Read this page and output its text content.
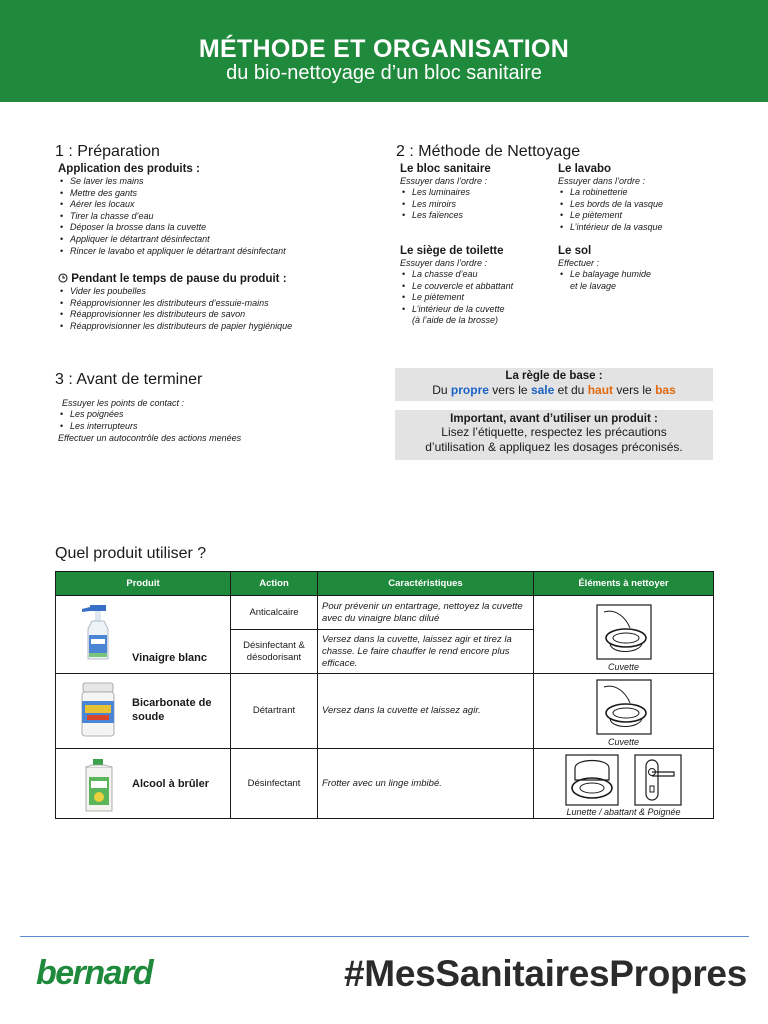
MÉTHODE ET ORGANISATION
du bio-nettoyage d’un bloc sanitaire
1 : Préparation
Application des produits :
• Se laver les mains
• Mettre des gants
• Aérer les locaux
• Tirer la chasse d’eau
• Déposer la brosse dans la cuvette
• Appliquer le détartrant désinfectant
• Rincer le lavabo et appliquer le détartrant désinfectant
Pendant le temps de pause du produit :
• Vider les poubelles
• Réapprovisionner les distributeurs d’essuie-mains
• Réapprovisionner les distributeurs de savon
• Réapprovisionner les distributeurs de papier hygiénique
2 : Méthode de Nettoyage
Le bloc sanitaire
Essuyer dans l’ordre :
• Les luminaires
• Les miroirs
• Les faïences
Le lavabo
Essuyer dans l’ordre :
• La robinetterie
• Les bords de la vasque
• Le piètement
• L’intérieur de la vasque
Le siège de toilette
Essuyer dans l’ordre :
• La chasse d’eau
• Le couvercle et abbattant
• Le piètement
• L’intérieur de la cuvette
(à l’aide de la brosse)
Le sol
Effectuer :
• Le balayage humide
et le lavage
3 : Avant de terminer
Essuyer les points de contact :
• Les poignées
• Les interrupteurs
Effectuer un autocontrôle des actions menées
La règle de base :
Du propre vers le sale et du haut vers le bas
Important, avant d’utiliser un produit :
Lisez l’étiquette, respectez les précautions
d’utilisation & appliquez les dosages préconisés.
Quel produit utiliser ?
Produit	Action	Caractéristiques	Éléments à nettoyer

Vinaigre blanc	Anticalcaire	Pour prévenir un entartrage, nettoyez la cuvette avec du vinaigre blanc dilué	Cuvette

	Désinfectant & désodorisant	Versez dans la cuvette, laissez agir et tirez la chasse. Le faire chauffer le rend encore plus efficace.	

Bicarbonate de soude	Détartrant	Versez dans la cuvette et laissez agir.	Cuvette

Alcool à brûler	Désinfectant	Frotter avec un linge imbibé.	Lunette / abattant & Poignée
bernard	#MesSanitairesPropres
